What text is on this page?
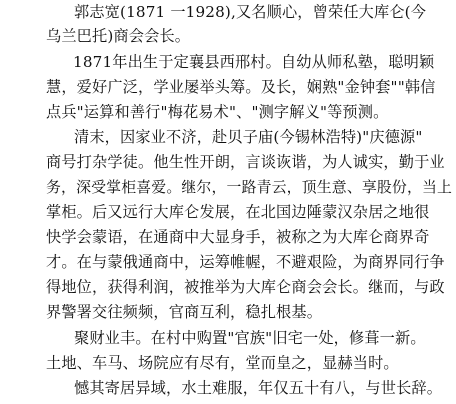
郭志宽(1871 一1928),又名顺心，曾荣任大库仑(今
乌兰巴托)商会会长。
1871年出生于定襄县西邢村。自幼从师私塾，聪明颖
慧，爱好广泛，学业屡举头筹。及长，娴熟"金钟套""韩信
点兵"运算和善行"梅花易术"、"测字解义"等预测。
清末，因家业不济，赴贝子庙(今锡林浩特)"庆德源"
商号打杂学徒。他生性开朗，言谈诙谐，为人诚实，勤于业
务，深受掌柜喜爱。继尔，一路青云，顶生意、享股份，当上
掌柜。后又远行大库仑发展，在北国边陲蒙汉杂居之地很
快学会蒙语，在通商中大显身手，被称之为大库仑商界奇
才。在与蒙俄通商中，运筹帷幄，不避艰险，为商界同行争
得地位，获得利润，被推举为大库仑商会会长。继而，与政
界警署交往频频，官商互利，稳扎根基。
聚财业丰。在村中购置"官族"旧宅一处，修葺一新。
土地、车马、场院应有尽有，堂而皇之，显赫当时。
憾其寄居异域，水土难服，年仅五十有八，与世长辞。
